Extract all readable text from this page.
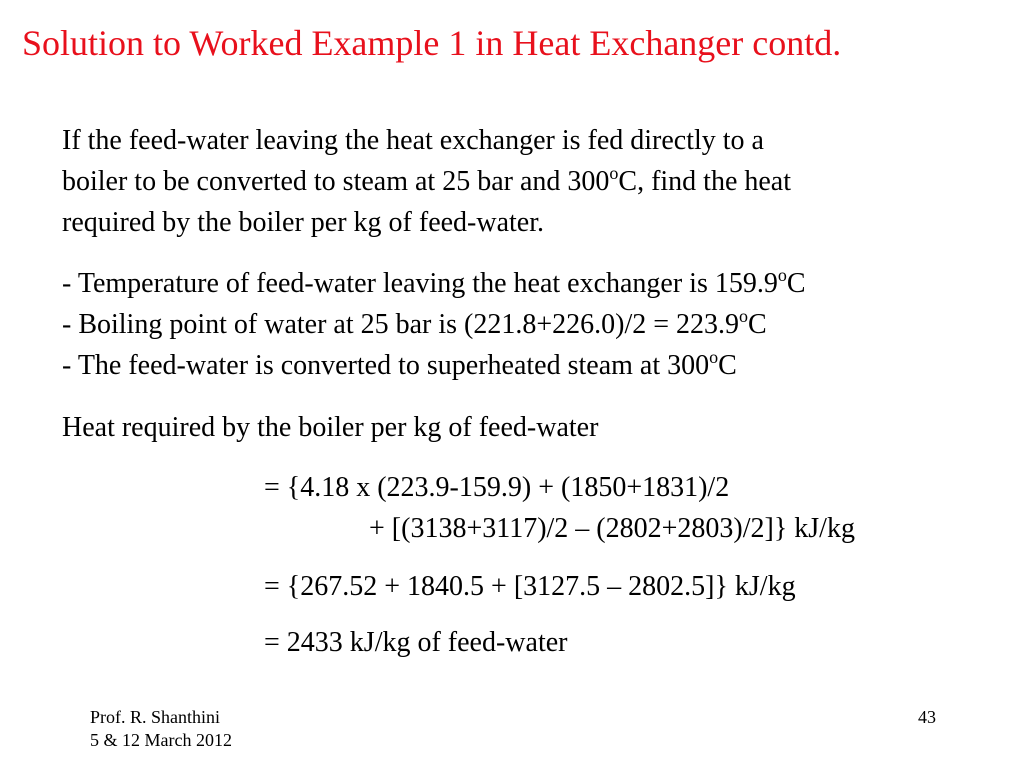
Solution to Worked Example 1 in Heat Exchanger contd.

If the feed-water leaving the heat exchanger is fed directly to a
boiler to be converted to steam at 25 bar and 300$^o$C, find the heat
required by the boiler per kg of feed-water.

- Temperature of feed-water leaving the heat exchanger is 159.9$^o$C
- Boiling point of water at 25 bar is $(221.8+226.0)/2 = 223.9^oC$
- The feed-water is converted to superheated steam at 300$^o$C

Heat required by the boiler per kg of feed-water

= {4.18 x (223.9-159.9) + (1850+1831)/2

+ [(3138+3117)/2 – (2802+2803)/2]} kJ/kg

= {267.52 + 1840.5 + [3127.5 – 2802.5]} kJ/kg

= 2433 kJ/kg of feed-water

Prof. R. Shanthini
5 & 12 March 2012
43
